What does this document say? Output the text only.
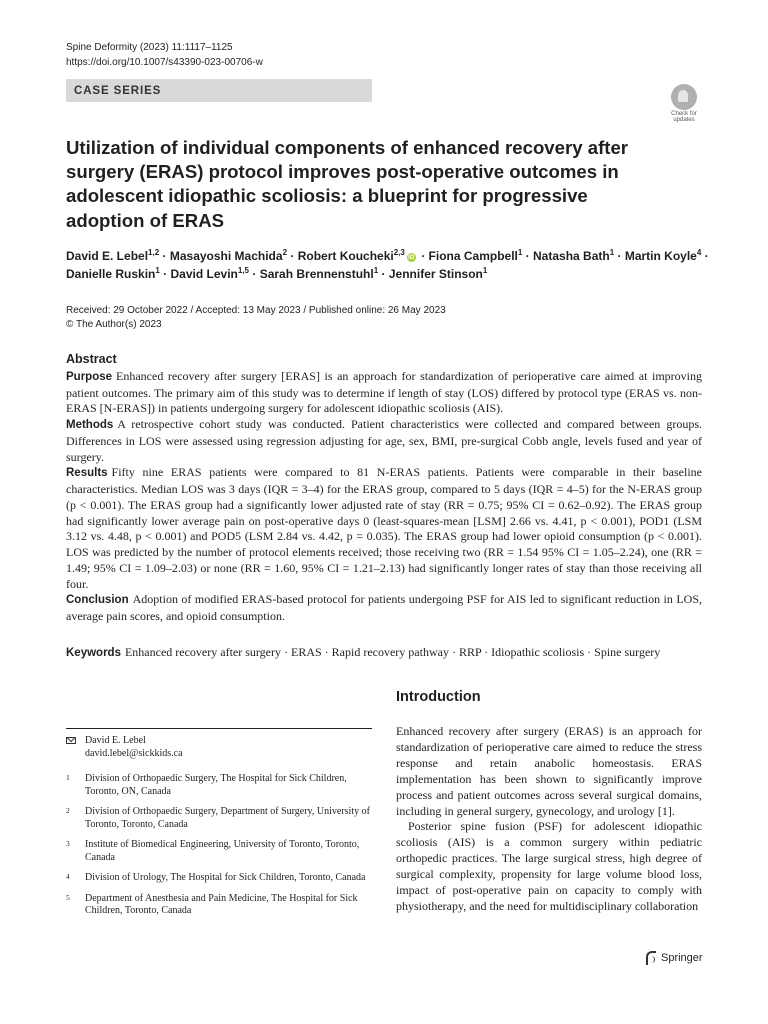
Spine Deformity (2023) 11:1117–1125
https://doi.org/10.1007/s43390-023-00706-w
CASE SERIES
Check for
updates
Utilization of individual components of enhanced recovery after surgery (ERAS) protocol improves post-operative outcomes in adolescent idiopathic scoliosis: a blueprint for progressive adoption of ERAS
David E. Lebel$^{1,2}$ · Masayoshi Machida$^2$ · Robert Koucheki$^{2,3}$iD · Fiona Campbell$^1$ · Natasha Bath$^1$ · Martin Koyle$^4$ ·
Danielle Ruskin$^1$ · David Levin$^{1,5}$ · Sarah Brennenstuhl$^1$ · Jennifer Stinson$^1$
Received: 29 October 2022 / Accepted: 13 May 2023 / Published online: 26 May 2023
© The Author(s) 2023
Abstract

Purpose Enhanced recovery after surgery [ERAS] is an approach for standardization of perioperative care aimed at improving patient outcomes. The primary aim of this study was to determine if length of stay (LOS) differed by protocol type (ERAS vs. non-ERAS [N-ERAS]) in patients undergoing surgery for adolescent idiopathic scoliosis (AIS).

Methods A retrospective cohort study was conducted. Patient characteristics were collected and compared between groups. Differences in LOS were assessed using regression adjusting for age, sex, BMI, pre-surgical Cobb angle, levels fused and year of surgery.

Results Fifty nine ERAS patients were compared to 81 N-ERAS patients. Patients were comparable in their baseline characteristics. Median LOS was 3 days (IQR = 3–4) for the ERAS group, compared to 5 days (IQR = 4–5) for the N-ERAS group (p < 0.001). The ERAS group had a significantly lower adjusted rate of stay (RR = 0.75; 95% CI = 0.62–0.92). The ERAS group had significantly lower average pain on post-operative days 0 (least-squares-mean [LSM] 2.66 vs. 4.41, p < 0.001), POD1 (LSM 3.12 vs. 4.48, p < 0.001) and POD5 (LSM 2.84 vs. 4.42, p = 0.035). The ERAS group had lower opioid consumption (p < 0.001). LOS was predicted by the number of protocol elements received; those receiving two (RR = 1.54 95% CI = 1.05–2.24), one (RR = 1.49; 95% CI = 1.09–2.03) or none (RR = 1.60, 95% CI = 1.21–2.13) had significantly longer rates of stay than those receiving all four.

Conclusion Adoption of modified ERAS-based protocol for patients undergoing PSF for AIS led to significant reduction in LOS, average pain scores, and opioid consumption.

Keywords Enhanced recovery after surgery · ERAS · Rapid recovery pathway · RRP · Idiopathic scoliosis · Spine surgery
David E. Lebel
david.lebel@sickkids.ca
1	Division of Orthopaedic Surgery, The Hospital for Sick Children, Toronto, ON, Canada
2	Division of Orthopaedic Surgery, Department of Surgery, University of Toronto, Toronto, Canada
3	Institute of Biomedical Engineering, University of Toronto, Toronto, Canada
4	Division of Urology, The Hospital for Sick Children, Toronto, Canada
5	Department of Anesthesia and Pain Medicine, The Hospital for Sick Children, Toronto, Canada
Introduction

Enhanced recovery after surgery (ERAS) is an approach for standardization of perioperative care aimed to reduce the stress response and retain anabolic homeostasis. ERAS implementation has been shown to significantly improve process and patient outcomes across several surgical domains, including in general surgery, gynecology, and urology [1].

Posterior spine fusion (PSF) for adolescent idiopathic scoliosis (AIS) is a common surgery within pediatric orthopedic practices. The large surgical stress, high degree of surgical complexity, propensity for large volume blood loss, impact of post-operative pain on capacity to comply with physiotherapy, and the need for multidisciplinary collaboration

Springer
